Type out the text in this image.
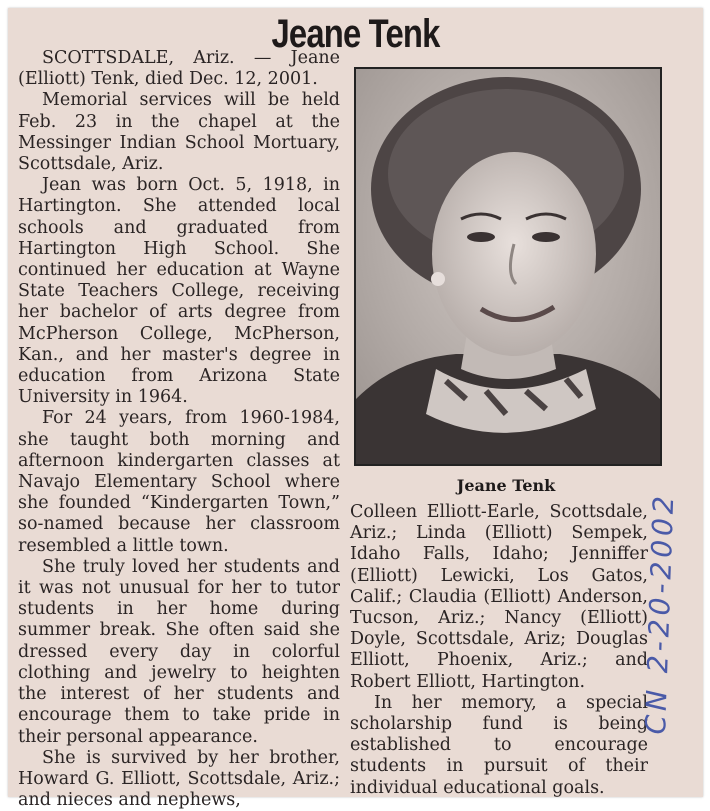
Jeane Tenk

SCOTTSDALE, Ariz. — Jeane (Elliott) Tenk, died Dec. 12, 2001.

Memorial services will be held Feb. 23 in the chapel at the Messinger Indian School Mortuary, Scottsdale, Ariz.

Jean was born Oct. 5, 1918, in Hartington. She attended local schools and graduated from Hartington High School. She continued her education at Wayne State Teachers College, receiving her bachelor of arts degree from McPherson College, McPherson, Kan., and her master's degree in education from Arizona State University in 1964.

For 24 years, from 1960-1984, she taught both morning and afternoon kindergarten classes at Navajo Elementary School where she founded “Kindergarten Town,” so-named because her classroom resembled a little town.

She truly loved her students and it was not unusual for her to tutor students in her home during summer break. She often said she dressed every day in colorful clothing and jewelry to heighten the interest of her students and encourage them to take pride in their personal appearance.

She is survived by her brother, Howard G. Elliott, Scottsdale, Ariz.; and nieces and nephews,

Jeane Tenk

Colleen Elliott-Earle, Scottsdale, Ariz.; Linda (Elliott) Sempek, Idaho Falls, Idaho; Jenniffer (Elliott) Lewicki, Los Gatos, Calif.; Claudia (Elliott) Anderson, Tucson, Ariz.; Nancy (Elliott) Doyle, Scottsdale, Ariz; Douglas Elliott, Phoenix, Ariz.; and Robert Elliott, Hartington.

In her memory, a special scholarship fund is being established to encourage students in pursuit of their individual educational goals.

CN 2-20-2002
